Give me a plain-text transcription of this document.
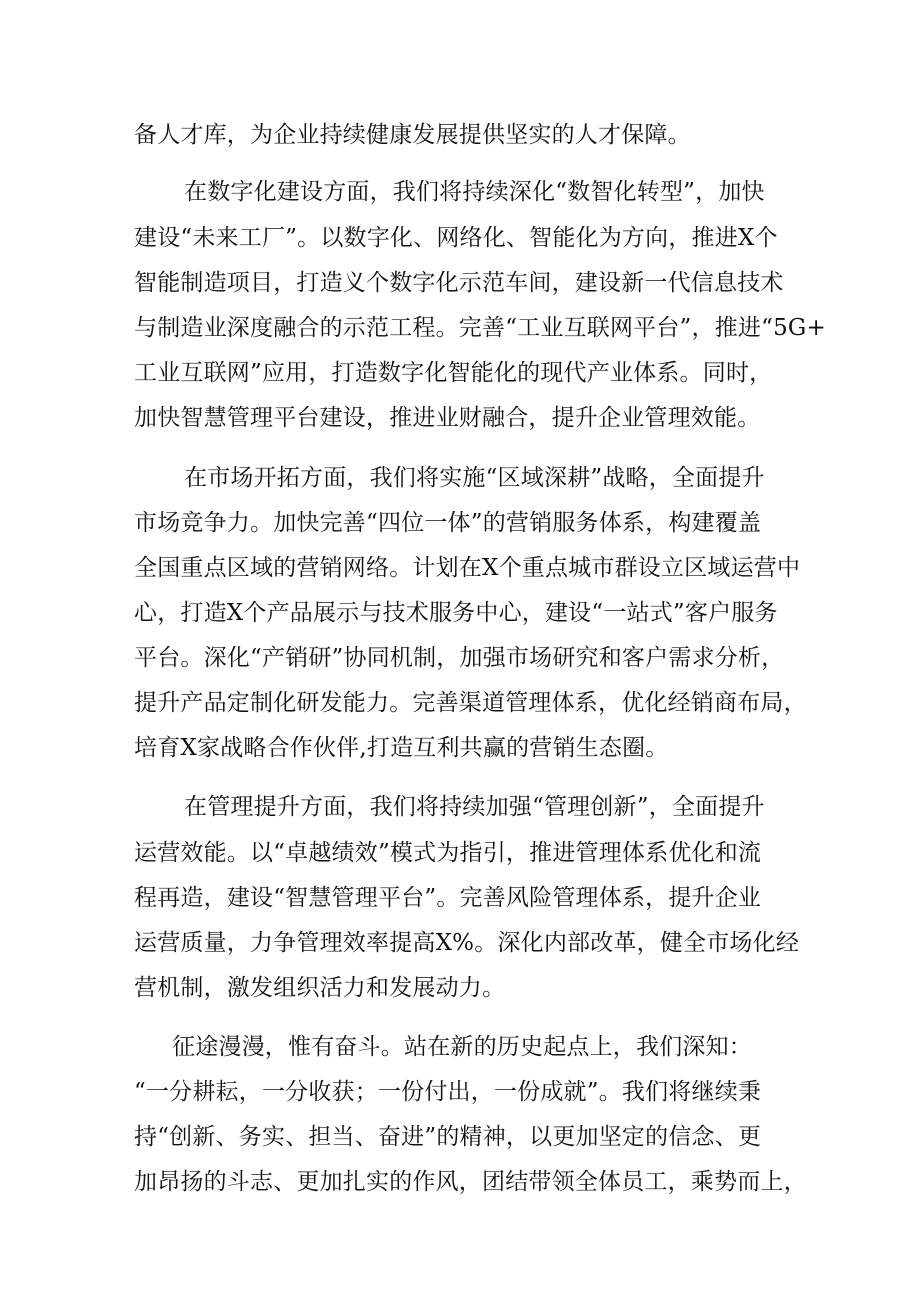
备人才库，为企业持续健康发展提供坚实的人才保障。
在数字化建设方面，我们将持续深化“数智化转型”，加快
建设“未来工厂”。以数字化、网络化、智能化为方向，推进X个
智能制造项目，打造义个数字化示范车间，建设新一代信息技术
与制造业深度融合的示范工程。完善“工业互联网平台”，推进“5G+
工业互联网”应用，打造数字化智能化的现代产业体系。同时，
加快智慧管理平台建设，推进业财融合，提升企业管理效能。
在市场开拓方面，我们将实施“区域深耕”战略，全面提升
市场竞争力。加快完善“四位一体”的营销服务体系，构建覆盖
全国重点区域的营销网络。计划在X个重点城市群设立区域运营中
心，打造X个产品展示与技术服务中心，建设“一站式”客户服务
平台。深化“产销研”协同机制，加强市场研究和客户需求分析，
提升产品定制化研发能力。完善渠道管理体系，优化经销商布局，
培育X家战略合作伙伴,打造互利共赢的营销生态圈。
在管理提升方面，我们将持续加强“管理创新”，全面提升
运营效能。以“卓越绩效”模式为指引，推进管理体系优化和流
程再造，建设“智慧管理平台”。完善风险管理体系，提升企业
运营质量，力争管理效率提高X%。深化内部改革，健全市场化经
营机制，激发组织活力和发展动力。
征途漫漫，惟有奋斗。站在新的历史起点上，我们深知：
“一分耕耘，一分收获；一份付出，一份成就”。我们将继续秉
持“创新、务实、担当、奋进”的精神，以更加坚定的信念、更
加昂扬的斗志、更加扎实的作风，团结带领全体员工，乘势而上，
